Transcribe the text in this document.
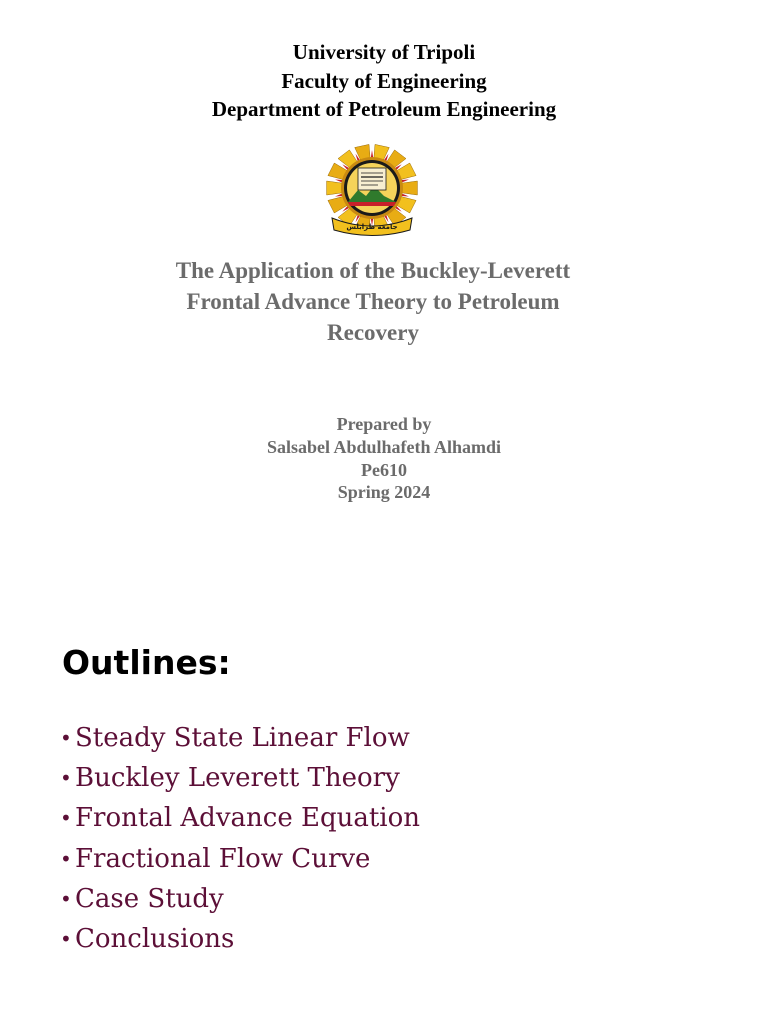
University of Tripoli
Faculty of Engineering
Department of Petroleum Engineering
جامعة طرابلس
The Application of the Buckley-Leverett
Frontal Advance Theory to Petroleum
Recovery
Prepared by
Salsabel Abdulhafeth Alhamdi
Pe610
Spring 2024
Outlines:
• Steady State Linear Flow
• Buckley Leverett Theory
• Frontal Advance Equation
• Fractional Flow Curve
• Case Study
• Conclusions
